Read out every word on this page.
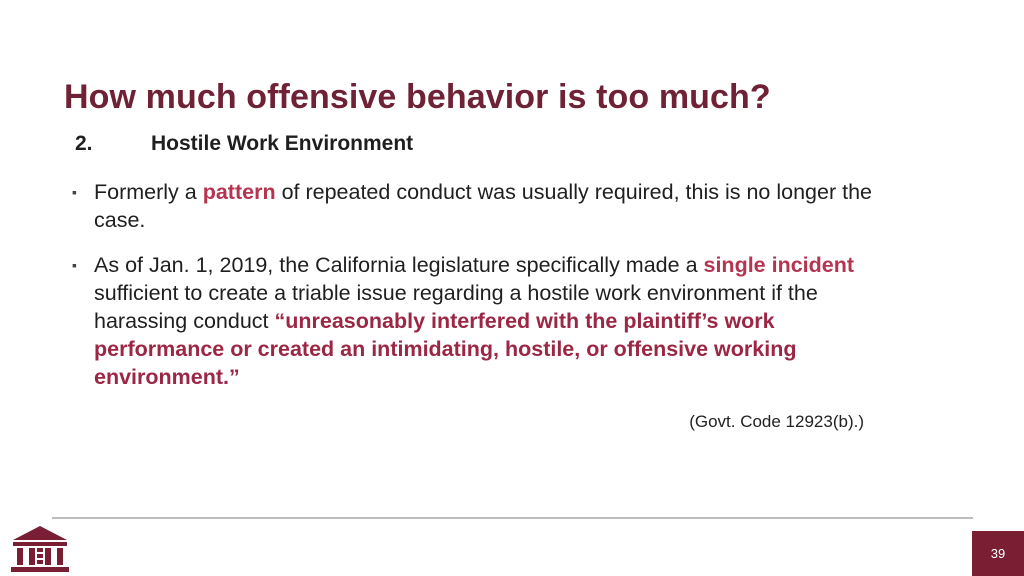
How much offensive behavior is too much?
2.	Hostile Work Environment
▪ Formerly a pattern of repeated conduct was usually required, this is no longer the case.
▪ As of Jan. 1, 2019, the California legislature specifically made a single incident sufficient to create a triable issue regarding a hostile work environment if the harassing conduct “unreasonably interfered with the plaintiff’s work performance or created an intimidating, hostile, or offensive working environment.”
(Govt. Code 12923(b).)
39
